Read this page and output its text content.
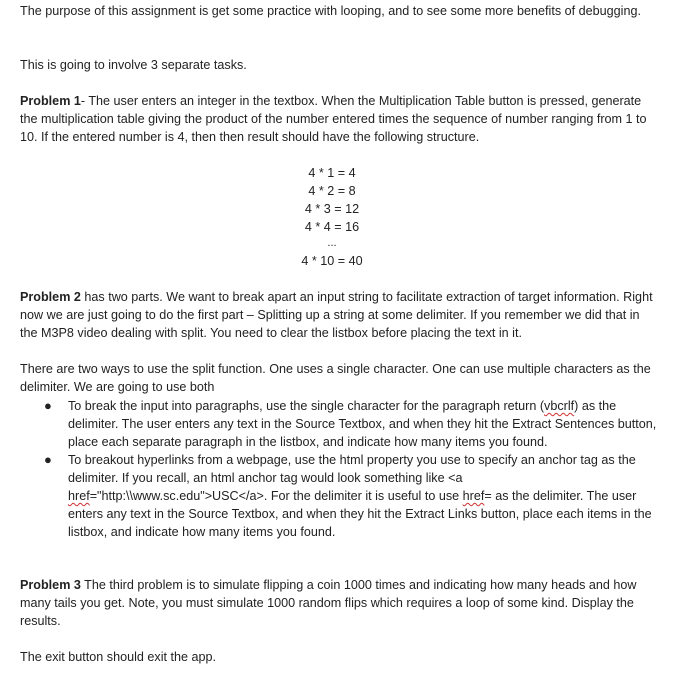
The purpose of this assignment is get some practice with looping, and to see some more benefits of debugging.

This is going to involve 3 separate tasks.

Problem 1- The user enters an integer in the textbox. When the Multiplication Table button is pressed, generate the multiplication table giving the product of the number entered times the sequence of number ranging from 1 to 10. If the entered number is 4, then then result should have the following structure.

4 * 1 = 4
4 * 2 = 8
4 * 3 = 12
4 * 4 = 16
...
4 * 10 = 40

Problem 2 has two parts. We want to break apart an input string to facilitate extraction of target information. Right now we are just going to do the first part – Splitting up a string at some delimiter. If you remember we did that in the M3P8 video dealing with split. You need to clear the listbox before placing the text in it.

There are two ways to use the split function. One uses a single character. One can use multiple characters as the delimiter. We are going to use both

● To break the input into paragraphs, use the single character for the paragraph return (vbcrlf) as the delimiter. The user enters any text in the Source Textbox, and when they hit the Extract Sentences button, place each separate paragraph in the listbox, and indicate how many items you found.
● To breakout hyperlinks from a webpage, use the html property you use to specify an anchor tag as the delimiter. If you recall, an html anchor tag would look something like <a href="http:\\www.sc.edu">USC</a>. For the delimiter it is useful to use href= as the delimiter. The user enters any text in the Source Textbox, and when they hit the Extract Links button, place each items in the listbox, and indicate how many items you found.

Problem 3 The third problem is to simulate flipping a coin 1000 times and indicating how many heads and how many tails you get. Note, you must simulate 1000 random flips which requires a loop of some kind. Display the results.

The exit button should exit the app.
